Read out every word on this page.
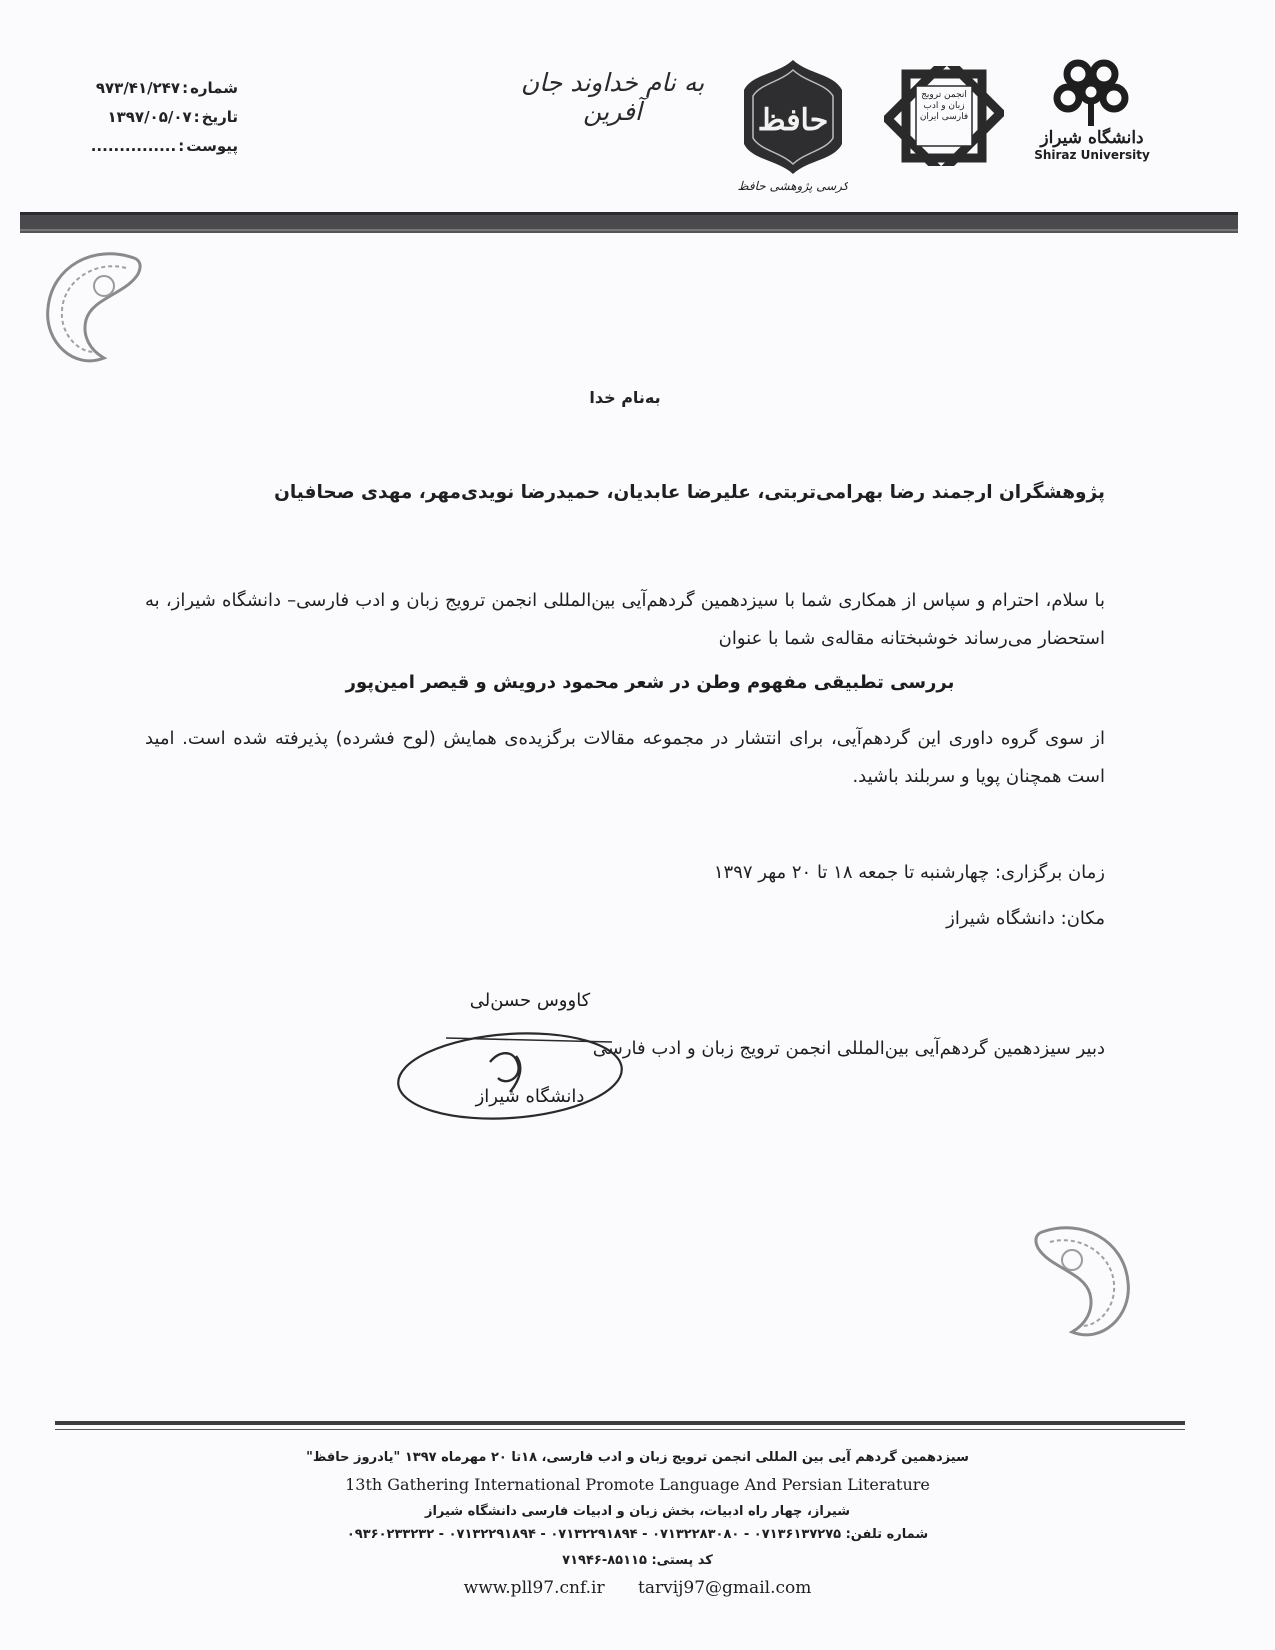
شماره
:
۹۷۳/۴۱/۲۴۷
تاریخ
:
۱۳۹۷/۰۵/۰۷
پیوست
:
...............
به نام خداوند جان آفرین	حافظ
کرسی پژوهشی حافظ
انجمن ترویج زبان و ادب فارسی ایران
دانشگاه شیراز
Shiraz University
به‌نام خدا
پژوهشگران ارجمند رضا بهرامی‌تربتی، علیرضا عابدیان، حمیدرضا نویدی‌مهر، مهدی صحافیان
با سلام، احترام و سپاس از همکاری شما با سیزدهمین گردهم‌آیی بین‌المللی انجمن ترویج زبان و ادب فارسی– دانشگاه شیراز، به استحضار می‌رساند خوشبختانه مقاله‌ی شما با عنوان
بررسی تطبیقی مفهوم وطن در شعر محمود درویش و قیصر امین‌پور
از سوی گروه داوری این گردهم‌آیی، برای انتشار در مجموعه مقالات برگزیده‌ی همایش (لوح فشرده) پذیرفته شده است. امید است همچنان پویا و سربلند باشید.
زمان برگزاری: چهارشنبه تا جمعه ۱۸ تا ۲۰ مهر ۱۳۹۷
مکان: دانشگاه شیراز
کاووس حسن‌لی
دبیر سیزدهمین گردهم‌آیی بین‌المللی انجمن ترویج زبان و ادب فارسی
دانشگاه شیراز
سیزدهمین گردهم آیی بین المللی انجمن ترویج زبان و ادب فارسی، ۱۸تا ۲۰ مهرماه ۱۳۹۷ "یادروز حافظ"
13th Gathering International Promote Language And Persian Literature
شیراز، چهار راه ادبیات، بخش زبان و ادبیات فارسی دانشگاه شیراز
شماره تلفن: ۰۷۱۳۶۱۳۷۲۷۵ - ۰۷۱۳۲۲۸۳۰۸۰ - ۰۷۱۳۲۲۹۱۸۹۴ - ۰۷۱۳۲۲۹۱۸۹۴ - ۰۹۳۶۰۲۳۳۲۳۲
کد پستی: ۸۵۱۱۵-۷۱۹۴۶
www.pll97.cnf.ir tarvij97@gmail.com
